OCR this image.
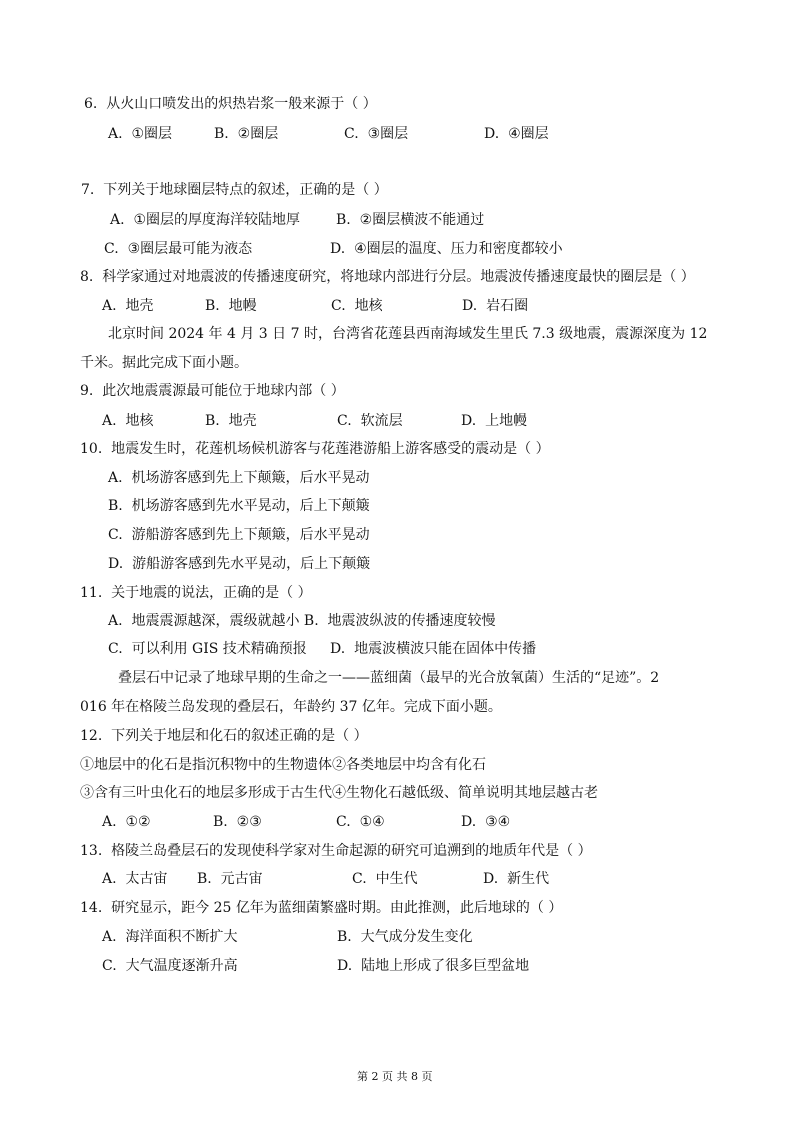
6.  从火山口喷发出的炽热岩浆一般来源于（ ）
A.  ①圈层	B.  ②圈层	C.  ③圈层	D.  ④圈层
7.  下列关于地球圈层特点的叙述，正确的是（ ）
A.  ①圈层的厚度海洋较陆地厚	B.  ②圈层横波不能通过
C.  ③圈层最可能为液态	D.  ④圈层的温度、压力和密度都较小
8.  科学家通过对地震波的传播速度研究，将地球内部进行分层。地震波传播速度最快的圈层是（ ）
A.  地壳	B.  地幔	C.  地核	D.  岩石圈
北京时间 2024 年 4 月 3 日 7 时，台湾省花莲县西南海域发生里氏 7.3 级地震，震源深度为 12
千米。据此完成下面小题。
9.  此次地震震源最可能位于地球内部（ ）
A.  地核	B.  地壳	C.  软流层	D.  上地幔
10.  地震发生时，花莲机场候机游客与花莲港游船上游客感受的震动是（ ）
A.  机场游客感到先上下颠簸，后水平晃动
B.  机场游客感到先水平晃动，后上下颠簸
C.  游船游客感到先上下颠簸，后水平晃动
D.  游船游客感到先水平晃动，后上下颠簸
11.  关于地震的说法，正确的是（ ）
A.  地震震源越深，震级就越小 B.  地震波纵波的传播速度较慢
C.  可以利用 GIS 技术精确预报 D.  地震波横波只能在固体中传播
叠层石中记录了地球早期的生命之一——蓝细菌（最早的光合放氧菌）生活的“足迹”。2
016 年在格陵兰岛发现的叠层石，年龄约 37 亿年。完成下面小题。
12.  下列关于地层和化石的叙述正确的是（ ）
①地层中的化石是指沉积物中的生物遗体②各类地层中均含有化石
③含有三叶虫化石的地层多形成于古生代④生物化石越低级、简单说明其地层越古老
A.  ①②	B.  ②③	C.  ①④	D.  ③④
13.  格陵兰岛叠层石的发现使科学家对生命起源的研究可追溯到的地质年代是（ ）
A.  太古宙 B.  元古宙	C.  中生代	D.  新生代
14.  研究显示，距今 25 亿年为蓝细菌繁盛时期。由此推测，此后地球的（ ）
A.  海洋面积不断扩大	B.  大气成分发生变化
C.  大气温度逐渐升高	D.  陆地上形成了很多巨型盆地
第 2 页 共 8 页
